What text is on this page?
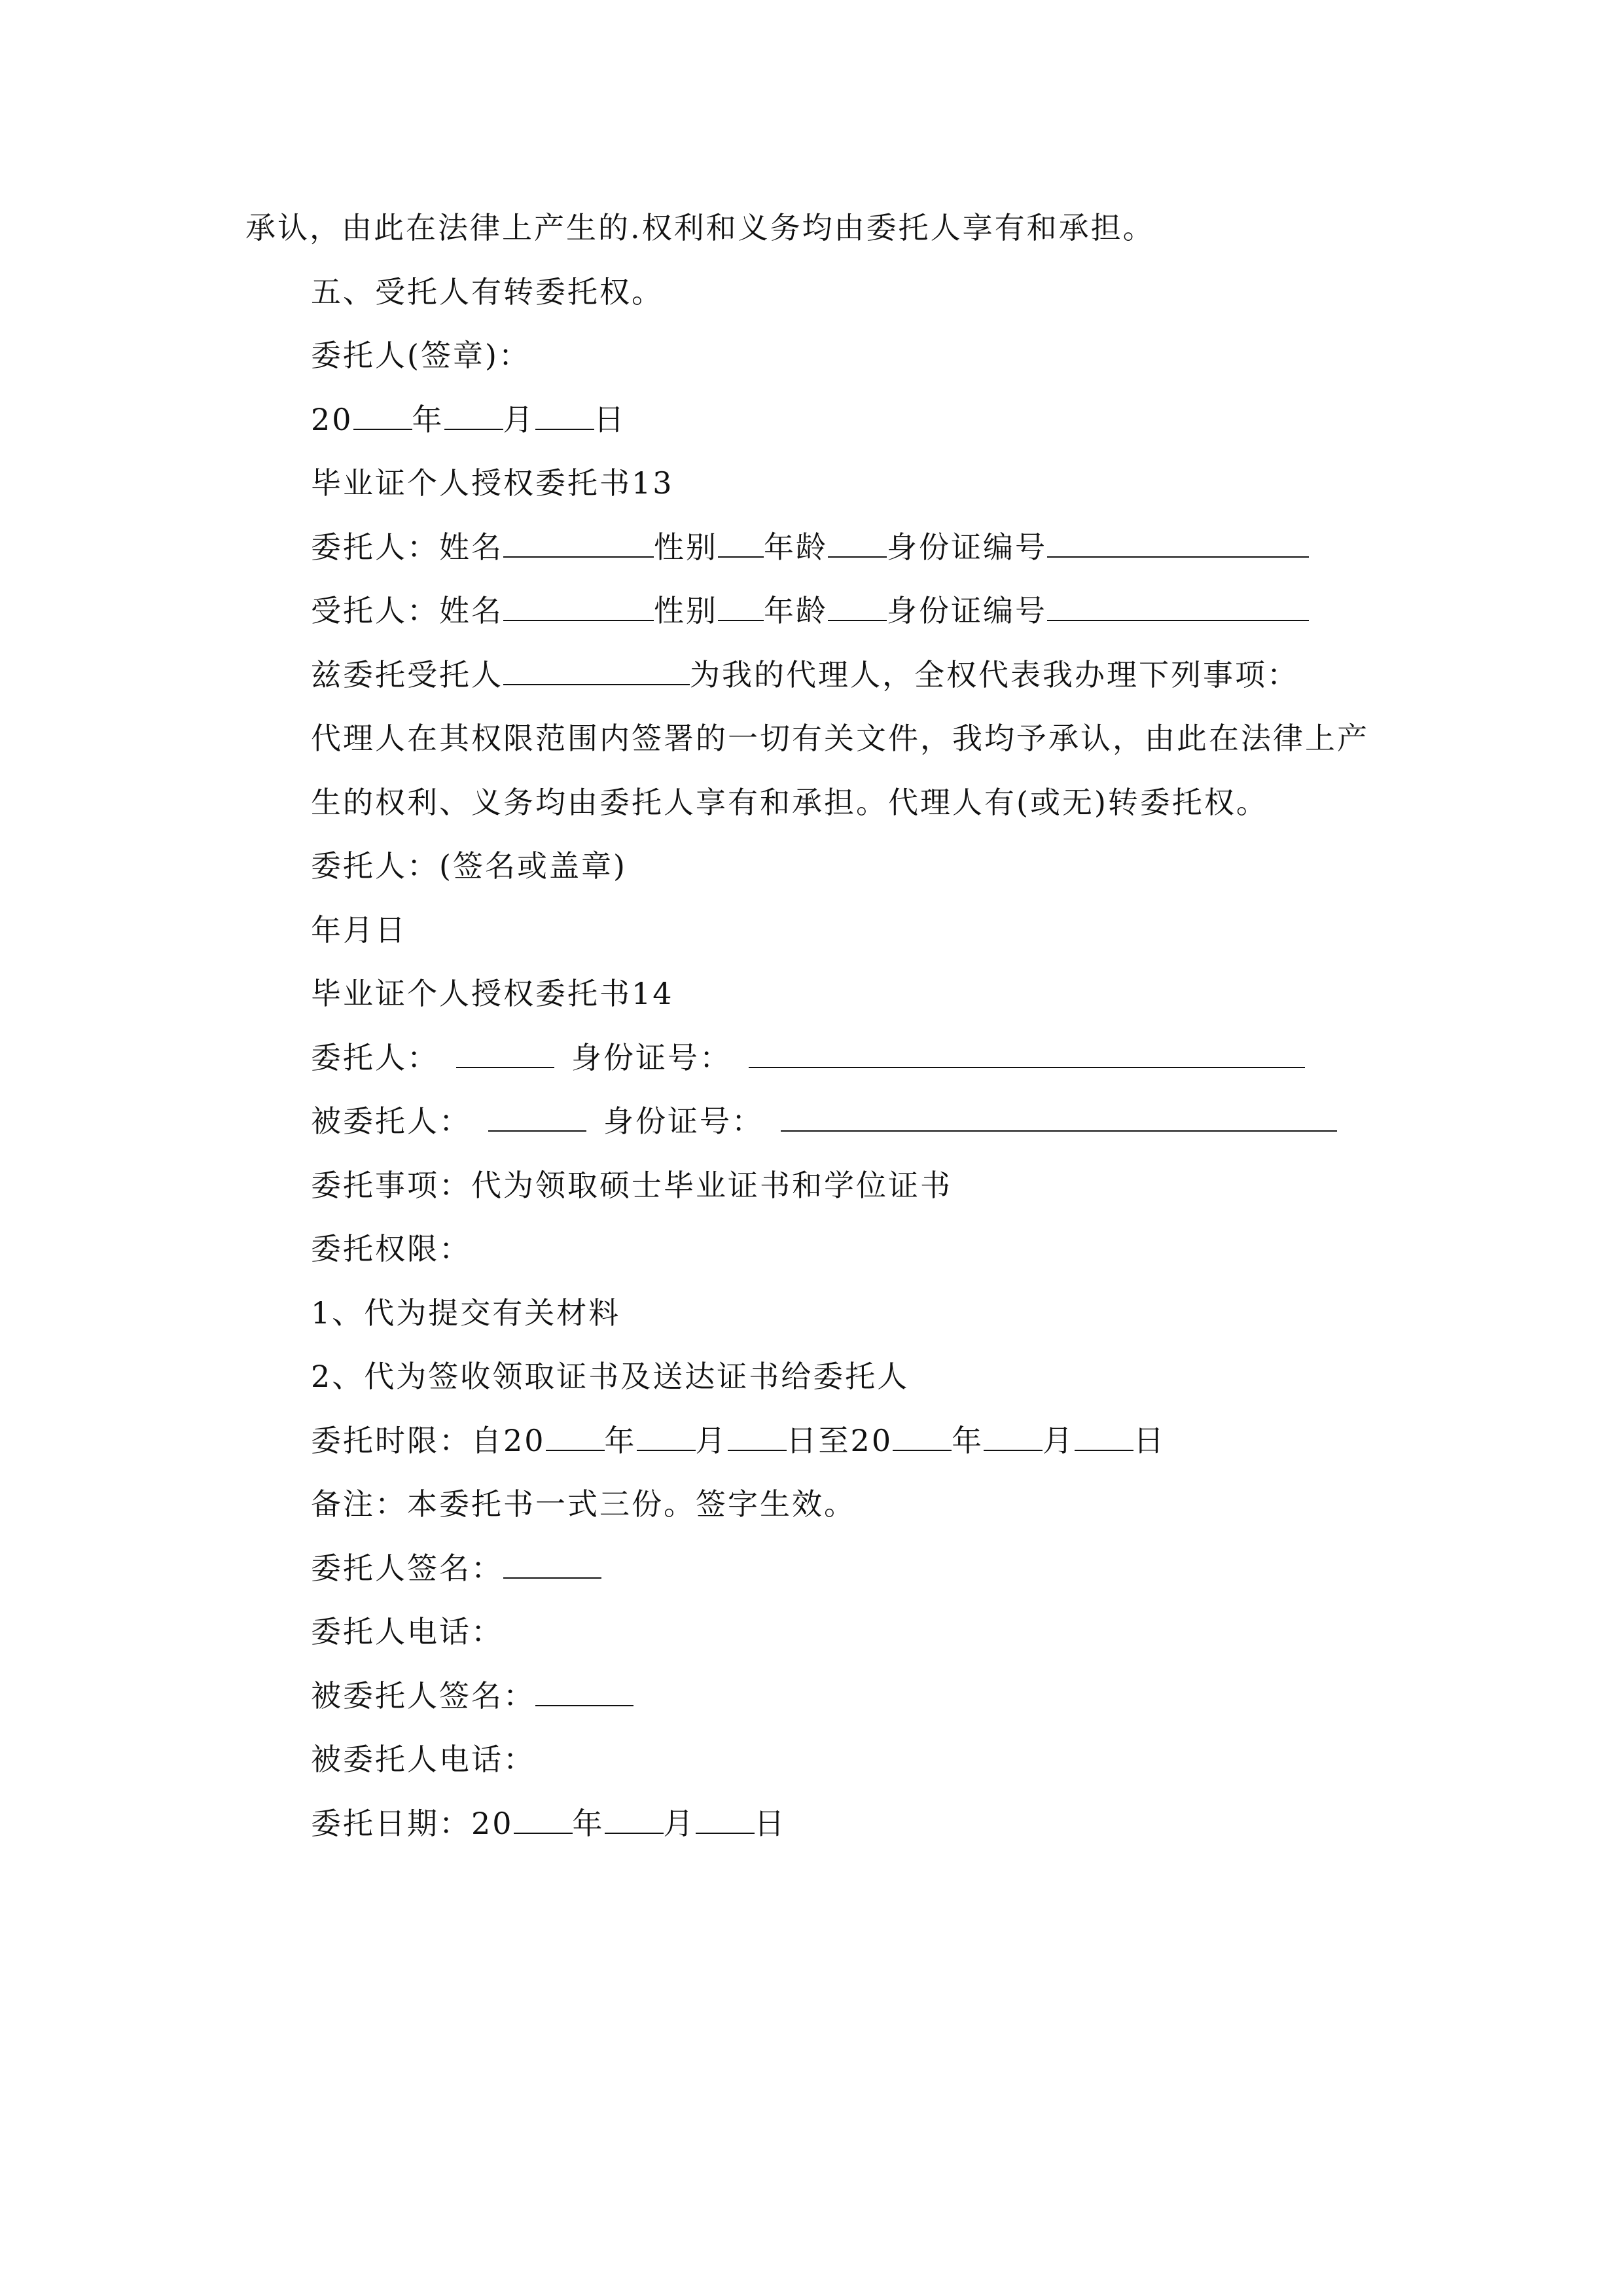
承认，由此在法律上产生的.权利和义务均由委托人享有和承担。
五、受托人有转委托权。
委托人(签章)：
20 年 月 日
毕业证个人授权委托书13
委托人：姓名	性别 年龄 身份证编号
受托人：姓名	性别 年龄 身份证编号
兹委托受托人	为我的代理人，全权代表我办理下列事项：
代理人在其权限范围内签署的一切有关文件，我均予承认，由此在法律上产生的权利、义务均由委托人享有和承担。代理人有(或无)转委托权。
委托人：(签名或盖章)
年月日
毕业证个人授权委托书14
委托人：	身份证号：
被委托人：	身份证号：
委托事项：代为领取硕士毕业证书和学位证书
委托权限：
1、代为提交有关材料
2、代为签收领取证书及送达证书给委托人
委托时限：自20 年 月 日至20 年 月 日
备注：本委托书一式三份。签字生效。
委托人签名：
委托人电话：
被委托人签名：
被委托人电话：
委托日期：20 年 月 日
